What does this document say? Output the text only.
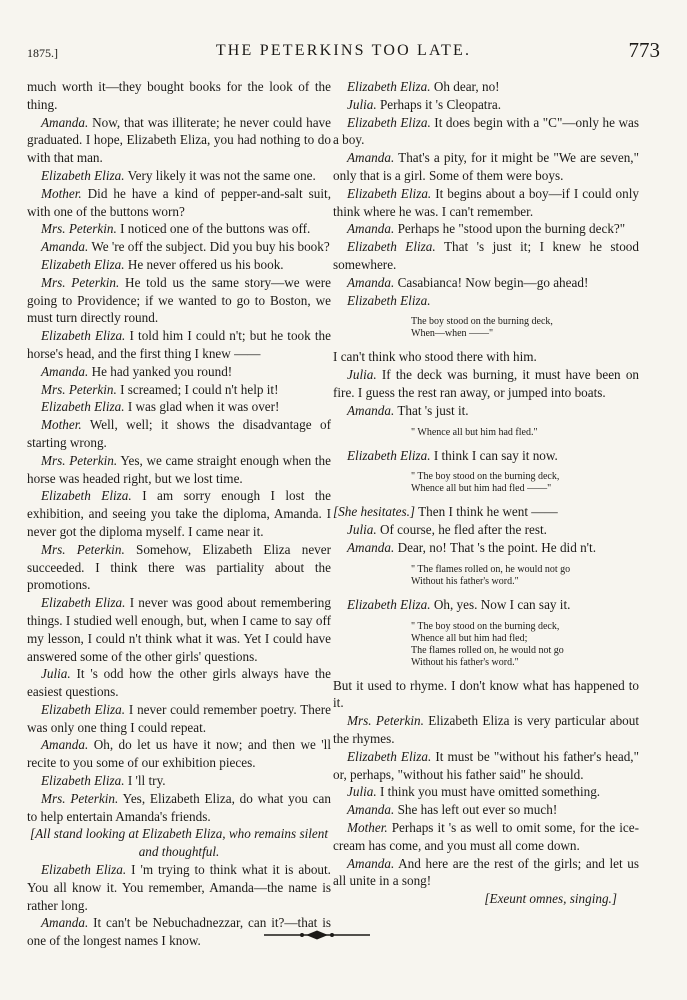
1875.]	THE PETERKINS TOO LATE.	773

much worth it—they bought books for the look of the thing.

Amanda. Now, that was illiterate; he never could have graduated. I hope, Elizabeth Eliza, you had nothing to do with that man.

Elizabeth Eliza. Very likely it was not the same one.

Mother. Did he have a kind of pepper-and-salt suit, with one of the buttons worn?

Mrs. Peterkin. I noticed one of the buttons was off.

Amanda. We 're off the subject. Did you buy his book?

Elizabeth Eliza. He never offered us his book.

Mrs. Peterkin. He told us the same story—we were going to Providence; if we wanted to go to Boston, we must turn directly round.

Elizabeth Eliza. I told him I could n't; but he took the horse's head, and the first thing I knew ——

Amanda. He had yanked you round!

Mrs. Peterkin. I screamed; I could n't help it!

Elizabeth Eliza. I was glad when it was over!

Mother. Well, well; it shows the disadvantage of starting wrong.

Mrs. Peterkin. Yes, we came straight enough when the horse was headed right, but we lost time.

Elizabeth Eliza. I am sorry enough I lost the exhibition, and seeing you take the diploma, Amanda. I never got the diploma myself. I came near it.

Mrs. Peterkin. Somehow, Elizabeth Eliza never succeeded. I think there was partiality about the promotions.

Elizabeth Eliza. I never was good about remembering things. I studied well enough, but, when I came to say off my lesson, I could n't think what it was. Yet I could have answered some of the other girls' questions.

Julia. It 's odd how the other girls always have the easiest questions.

Elizabeth Eliza. I never could remember poetry. There was only one thing I could repeat.

Amanda. Oh, do let us have it now; and then we 'll recite to you some of our exhibition pieces.

Elizabeth Eliza. I 'll try.

Mrs. Peterkin. Yes, Elizabeth Eliza, do what you can to help entertain Amanda's friends.

[All stand looking at Elizabeth Eliza, who remains silent and thoughtful.

Elizabeth Eliza. I 'm trying to think what it is about. You all know it. You remember, Amanda—the name is rather long.

Amanda. It can't be Nebuchadnezzar, can it?—that is one of the longest names I know.

Elizabeth Eliza. Oh dear, no!

Julia. Perhaps it 's Cleopatra.

Elizabeth Eliza. It does begin with a "C"—only he was a boy.

Amanda. That's a pity, for it might be "We are seven," only that is a girl. Some of them were boys.

Elizabeth Eliza. It begins about a boy—if I could only think where he was. I can't remember.

Amanda. Perhaps he "stood upon the burning deck?"

Elizabeth Eliza. That 's just it; I knew he stood somewhere.

Amanda. Casabianca! Now begin—go ahead!

Elizabeth Eliza.

The boy stood on the burning deck,
When—when ——"

I can't think who stood there with him.

Julia. If the deck was burning, it must have been on fire. I guess the rest ran away, or jumped into boats.

Amanda. That 's just it.

" Whence all but him had fled."

Elizabeth Eliza. I think I can say it now.

" The boy stood on the burning deck,
Whence all but him had fled ——"

[She hesitates.] Then I think he went ——

Julia. Of course, he fled after the rest.

Amanda. Dear, no! That 's the point. He did n't.

" The flames rolled on, he would not go
Without his father's word."

Elizabeth Eliza. Oh, yes. Now I can say it.

" The boy stood on the burning deck,
Whence all but him had fled;
The flames rolled on, he would not go
Without his father's word."

But it used to rhyme. I don't know what has happened to it.

Mrs. Peterkin. Elizabeth Eliza is very particular about the rhymes.

Elizabeth Eliza. It must be "without his father's head," or, perhaps, "without his father said" he should.

Julia. I think you must have omitted something.

Amanda. She has left out ever so much!

Mother. Perhaps it 's as well to omit some, for the ice-cream has come, and you must all come down.

Amanda. And here are the rest of the girls; and let us all unite in a song!

[Exeunt omnes, singing.]
